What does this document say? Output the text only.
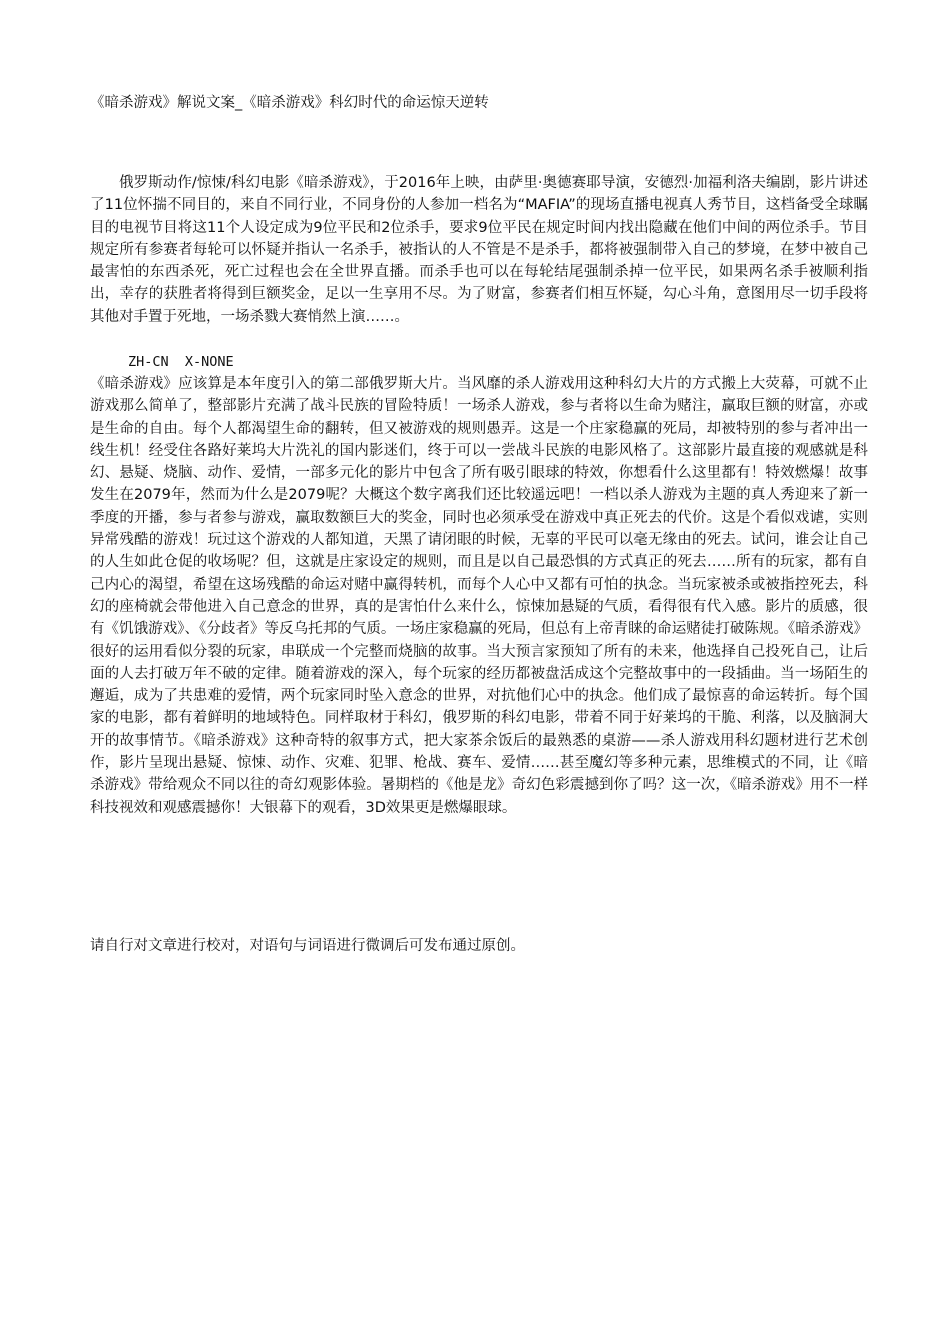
《暗杀游戏》解说文案_《暗杀游戏》科幻时代的命运惊天逆转

俄罗斯动作/惊悚/科幻电影《暗杀游戏》，于2016年上映，由萨里·奥德赛耶导演，安德烈·加福利洛夫编剧，影片讲述了11位怀揣不同目的，来自不同行业，不同身份的人参加一档名为“MAFIA”的现场直播电视真人秀节目，这档备受全球瞩目的电视节目将这11个人设定成为9位平民和2位杀手，要求9位平民在规定时间内找出隐藏在他们中间的两位杀手。节目规定所有参赛者每轮可以怀疑并指认一名杀手，被指认的人不管是不是杀手，都将被强制带入自己的梦境，在梦中被自己最害怕的东西杀死，死亡过程也会在全世界直播。而杀手也可以在每轮结尾强制杀掉一位平民，如果两名杀手被顺利指出，幸存的获胜者将得到巨额奖金，足以一生享用不尽。为了财富，参赛者们相互怀疑，勾心斗角，意图用尽一切手段将其他对手置于死地，一场杀戮大赛悄然上演……。

ZH-CN  X-NONE

《暗杀游戏》应该算是本年度引入的第二部俄罗斯大片。当风靡的杀人游戏用这种科幻大片的方式搬上大荧幕，可就不止游戏那么简单了，整部影片充满了战斗民族的冒险特质！一场杀人游戏，参与者将以生命为赌注，赢取巨额的财富，亦或是生命的自由。每个人都渴望生命的翻转，但又被游戏的规则愚弄。这是一个庄家稳赢的死局，却被特别的参与者冲出一线生机！经受住各路好莱坞大片洗礼的国内影迷们，终于可以一尝战斗民族的电影风格了。这部影片最直接的观感就是科幻、悬疑、烧脑、动作、爱情，一部多元化的影片中包含了所有吸引眼球的特效，你想看什么这里都有！特效燃爆！故事发生在2079年，然而为什么是2079呢？大概这个数字离我们还比较遥远吧！一档以杀人游戏为主题的真人秀迎来了新一季度的开播，参与者参与游戏，赢取数额巨大的奖金，同时也必须承受在游戏中真正死去的代价。这是个看似戏谑，实则异常残酷的游戏！玩过这个游戏的人都知道，天黑了请闭眼的时候，无辜的平民可以毫无缘由的死去。试问，谁会让自己的人生如此仓促的收场呢？但，这就是庄家设定的规则，而且是以自己最恐惧的方式真正的死去……所有的玩家，都有自己内心的渴望，希望在这场残酷的命运对赌中赢得转机，而每个人心中又都有可怕的执念。当玩家被杀或被指控死去，科幻的座椅就会带他进入自己意念的世界，真的是害怕什么来什么，惊悚加悬疑的气质，看得很有代入感。影片的质感，很有《饥饿游戏》、《分歧者》等反乌托邦的气质。一场庄家稳赢的死局，但总有上帝青睐的命运赌徒打破陈规。《暗杀游戏》很好的运用看似分裂的玩家，串联成一个完整而烧脑的故事。当大预言家预知了所有的未来，他选择自己投死自己，让后面的人去打破万年不破的定律。随着游戏的深入，每个玩家的经历都被盘活成这个完整故事中的一段插曲。当一场陌生的邂逅，成为了共患难的爱情，两个玩家同时坠入意念的世界，对抗他们心中的执念。他们成了最惊喜的命运转折。每个国家的电影，都有着鲜明的地域特色。同样取材于科幻，俄罗斯的科幻电影，带着不同于好莱坞的干脆、利落，以及脑洞大开的故事情节。《暗杀游戏》这种奇特的叙事方式，把大家茶余饭后的最熟悉的桌游——杀人游戏用科幻题材进行艺术创作，影片呈现出悬疑、惊悚、动作、灾难、犯罪、枪战、赛车、爱情……甚至魔幻等多种元素，思维模式的不同，让《暗杀游戏》带给观众不同以往的奇幻观影体验。暑期档的《他是龙》奇幻色彩震撼到你了吗？这一次，《暗杀游戏》用不一样科技视效和观感震撼你！大银幕下的观看，3D效果更是燃爆眼球。

请自行对文章进行校对，对语句与词语进行微调后可发布通过原创。
